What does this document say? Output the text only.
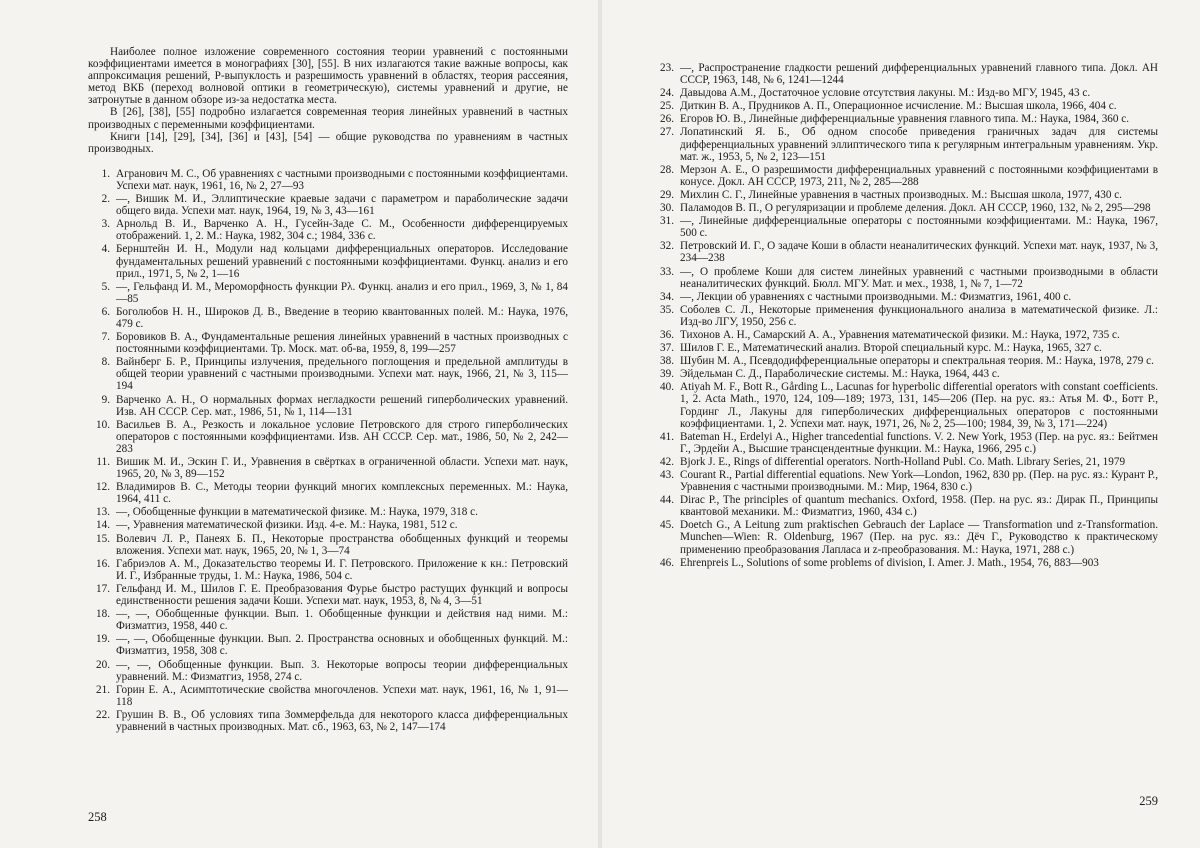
Наиболее полное изложение современного состояния теории уравнений с постоянными коэффициентами имеется в монографиях [30], [55]. В них излагаются такие важные вопросы, как аппроксимация решений, P-выпуклость и разрешимость уравнений в областях, теория рассеяния, метод ВКБ (переход волновой оптики в геометрическую), системы уравнений и другие, не затронутые в данном обзоре из-за недостатка места.

В [26], [38], [55] подробно излагается современная теория линейных уравнений в частных производных с переменными коэффициентами.

Книги [14], [29], [34], [36] и [43], [54] — общие руководства по уравнениям в частных производных.

1. Агранович М. С., Об уравнениях с частными производными с постоянными коэффициентами. Успехи мат. наук, 1961, 16, № 2, 27—93
2. —, Вишик М. И., Эллиптические краевые задачи с параметром и параболические задачи общего вида. Успехи мат. наук, 1964, 19, № 3, 43—161
3. Арнольд В. И., Варченко А. Н., Гусейн-Заде С. М., Особенности дифференцируемых отображений. 1, 2. М.: Наука, 1982, 304 с.; 1984, 336 с.
4. Бернштейн И. Н., Модули над кольцами дифференциальных операторов. Исследование фундаментальных решений уравнений с постоянными коэффициентами. Функц. анализ и его прил., 1971, 5, № 2, 1—16
5. —, Гельфанд И. М., Мероморфность функции Pλ. Функц. анализ и его прил., 1969, 3, № 1, 84—85
6. Боголюбов Н. Н., Широков Д. В., Введение в теорию квантованных полей. М.: Наука, 1976, 479 с.
7. Боровиков В. А., Фундаментальные решения линейных уравнений в частных производных с постоянными коэффициентами. Тр. Моск. мат. об-ва, 1959, 8, 199—257
8. Вайнберг Б. Р., Принципы излучения, предельного поглощения и предельной амплитуды в общей теории уравнений с частными производными. Успехи мат. наук, 1966, 21, № 3, 115—194
9. Варченко А. Н., О нормальных формах негладкости решений гиперболических уравнений. Изв. АН СССР. Сер. мат., 1986, 51, № 1, 114—131
10. Васильев В. А., Резкость и локальное условие Петровского для строго гиперболических операторов с постоянными коэффициентами. Изв. АН СССР. Сер. мат., 1986, 50, № 2, 242—283
11. Вишик М. И., Эскин Г. И., Уравнения в свёртках в ограниченной области. Успехи мат. наук, 1965, 20, № 3, 89—152
12. Владимиров В. С., Методы теории функций многих комплексных переменных. М.: Наука, 1964, 411 с.
13. —, Обобщенные функции в математической физике. М.: Наука, 1979, 318 с.
14. —, Уравнения математической физики. Изд. 4-е. М.: Наука, 1981, 512 с.
15. Волевич Л. Р., Панеях Б. П., Некоторые пространства обобщенных функций и теоремы вложения. Успехи мат. наук, 1965, 20, № 1, 3—74
16. Габриэлов А. М., Доказательство теоремы И. Г. Петровского. Приложение к кн.: Петровский И. Г., Избранные труды, 1. М.: Наука, 1986, 504 с.
17. Гельфанд И. М., Шилов Г. Е. Преобразования Фурье быстро растущих функций и вопросы единственности решения задачи Коши. Успехи мат. наук, 1953, 8, № 4, 3—51
18. —, —, Обобщенные функции. Вып. 1. Обобщенные функции и действия над ними. М.: Физматгиз, 1958, 440 с.
19. —, —, Обобщенные функции. Вып. 2. Пространства основных и обобщенных функций. М.: Физматгиз, 1958, 308 с.
20. —, —, Обобщенные функции. Вып. 3. Некоторые вопросы теории дифференциальных уравнений. М.: Физматгиз, 1958, 274 с.
21. Горин Е. А., Асимптотические свойства многочленов. Успехи мат. наук, 1961, 16, № 1, 91—118
22. Грушин В. В., Об условиях типа Зоммерфельда для некоторого класса дифференциальных уравнений в частных производных. Мат. сб., 1963, 63, № 2, 147—174
258
23. —, Распространение гладкости решений дифференциальных уравнений главного типа. Докл. АН СССР, 1963, 148, № 6, 1241—1244
24. Давыдова А.М., Достаточное условие отсутствия лакуны. М.: Изд-во МГУ, 1945, 43 с.
25. Диткин В. А., Прудников А. П., Операционное исчисление. М.: Высшая школа, 1966, 404 с.
26. Егоров Ю. В., Линейные дифференциальные уравнения главного типа. М.: Наука, 1984, 360 с.
27. Лопатинский Я. Б., Об одном способе приведения граничных задач для системы дифференциальных уравнений эллиптического типа к регулярным интегральным уравнениям. Укр. мат. ж., 1953, 5, № 2, 123—151
28. Мерзон А. Е., О разрешимости дифференциальных уравнений с постоянными коэффициентами в конусе. Докл. АН СССР, 1973, 211, № 2, 285—288
29. Михлин С. Г., Линейные уравнения в частных производных. М.: Высшая школа, 1977, 430 с.
30. Паламодов В. П., О регуляризации и проблеме деления. Докл. АН СССР, 1960, 132, № 2, 295—298
31. —, Линейные дифференциальные операторы с постоянными коэффициентами. М.: Наука, 1967, 500 с.
32. Петровский И. Г., О задаче Коши в области неаналитических функций. Успехи мат. наук, 1937, № 3, 234—238
33. —, О проблеме Коши для систем линейных уравнений с частными производными в области неаналитических функций. Бюлл. МГУ. Мат. и мех., 1938, 1, № 7, 1—72
34. —, Лекции об уравнениях с частными производными. М.: Физматгиз, 1961, 400 с.
35. Соболев С. Л., Некоторые применения функционального анализа в математической физике. Л.: Изд-во ЛГУ, 1950, 256 с.
36. Тихонов А. Н., Самарский А. А., Уравнения математической физики. М.: Наука, 1972, 735 с.
37. Шилов Г. Е., Математический анализ. Второй специальный курс. М.: Наука, 1965, 327 с.
38. Шубин М. А., Псевдодифференциальные операторы и спектральная теория. М.: Наука, 1978, 279 с.
39. Эйдельман С. Д., Параболические системы. М.: Наука, 1964, 443 с.
40. Atiyah M. F., Bott R., Gårding L., Lacunas for hyperbolic differential operators with constant coefficients. 1, 2. Acta Math., 1970, 124, 109—189; 1973, 131, 145—206 (Пер. на рус. яз.: Атья М. Ф., Ботт Р., Гординг Л., Лакуны для гиперболических дифференциальных операторов с постоянными коэффициентами. 1, 2. Успехи мат. наук, 1971, 26, № 2, 25—100; 1984, 39, № 3, 171—224)
41. Bateman H., Erdelyi A., Higher trancedential functions. V. 2. New York, 1953 (Пер. на рус. яз.: Бейтмен Г., Эрдейи А., Высшие трансцендентные функции. М.: Наука, 1966, 295 с.)
42. Bjork J. E., Rings of differential operators. North-Holland Publ. Co. Math. Library Series, 21, 1979
43. Courant R., Partial differential equations. New York—London, 1962, 830 pp. (Пер. на рус. яз.: Курант Р., Уравнения с частными производными. М.: Мир, 1964, 830 с.)
44. Dirac P., The principles of quantum mechanics. Oxford, 1958. (Пер. на рус. яз.: Дирак П., Принципы квантовой механики. М.: Физматгиз, 1960, 434 с.)
45. Doetch G., A Leitung zum praktischen Gebrauch der Laplace — Transformation und z-Transformation. Munchen—Wien: R. Oldenburg, 1967 (Пер. на рус. яз.: Дёч Г., Руководство к практическому применению преобразования Лапласа и z-преобразования. М.: Наука, 1971, 288 с.)
46. Ehrenpreis L., Solutions of some problems of division, I. Amer. J. Math., 1954, 76, 883—903
259
